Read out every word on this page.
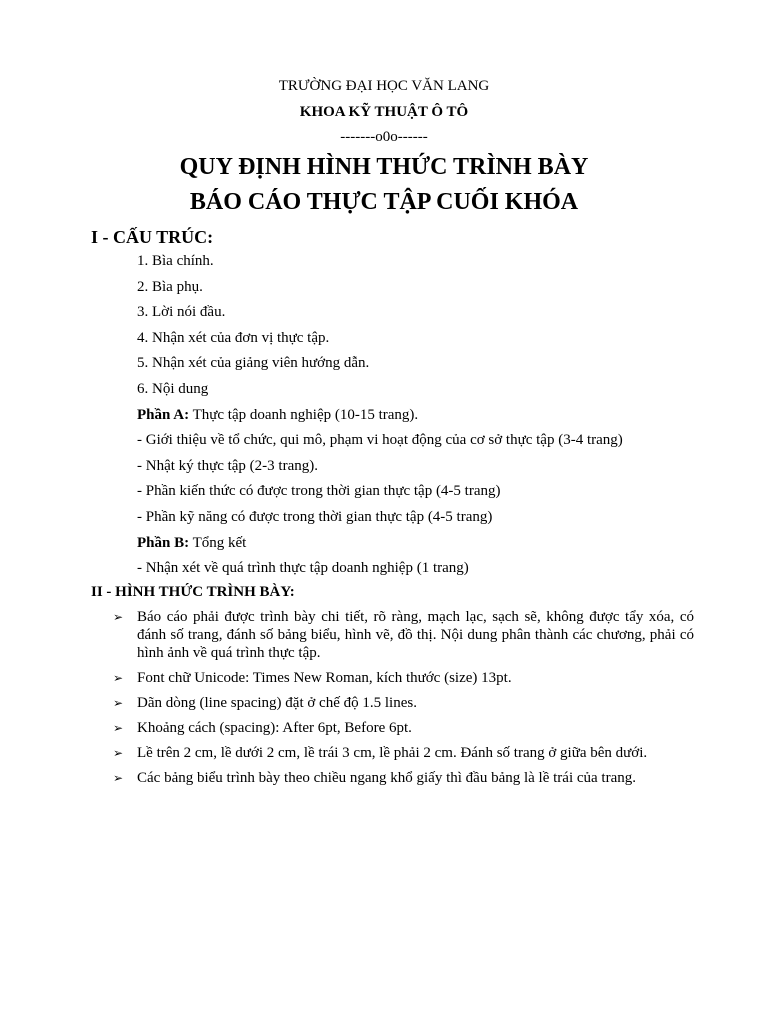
TRƯỜNG ĐẠI HỌC VĂN LANG
KHOA KỸ THUẬT Ô TÔ
-------o0o------
QUY ĐỊNH HÌNH THỨC TRÌNH BÀY
BÁO CÁO THỰC TẬP CUỐI KHÓA
I - CẤU TRÚC:
1. Bìa chính.
2. Bìa phụ.
3. Lời nói đầu.
4. Nhận xét của đơn vị thực tập.
5. Nhận xét của giảng viên hướng dẫn.
6. Nội dung
Phần A: Thực tập doanh nghiệp (10-15 trang).
- Giới thiệu về tổ chức, qui mô, phạm vi hoạt động của cơ sở thực tập (3-4 trang)
- Nhật ký thực tập (2-3 trang).
- Phần kiến thức có được trong thời gian thực tập (4-5 trang)
- Phần kỹ năng có được trong thời gian thực tập (4-5 trang)
Phần B: Tổng kết
- Nhận xét về quá trình thực tập doanh nghiệp (1 trang)
II - HÌNH THỨC TRÌNH BÀY:
➢ Báo cáo phải được trình bày chi tiết, rõ ràng, mạch lạc, sạch sẽ, không được tẩy xóa, có đánh số trang, đánh số bảng biểu, hình vẽ, đồ thị. Nội dung phân thành các chương, phải có hình ảnh về quá trình thực tập.
➢ Font chữ Unicode: Times New Roman, kích thước (size) 13pt.
➢ Dãn dòng (line spacing) đặt ở chế độ 1.5 lines.
➢ Khoảng cách (spacing): After 6pt, Before 6pt.
➢ Lề trên 2 cm, lề dưới 2 cm, lề trái 3 cm, lề phải 2 cm. Đánh số trang ở giữa bên dưới.
➢ Các bảng biểu trình bày theo chiều ngang khổ giấy thì đầu bảng là lề trái của trang.
